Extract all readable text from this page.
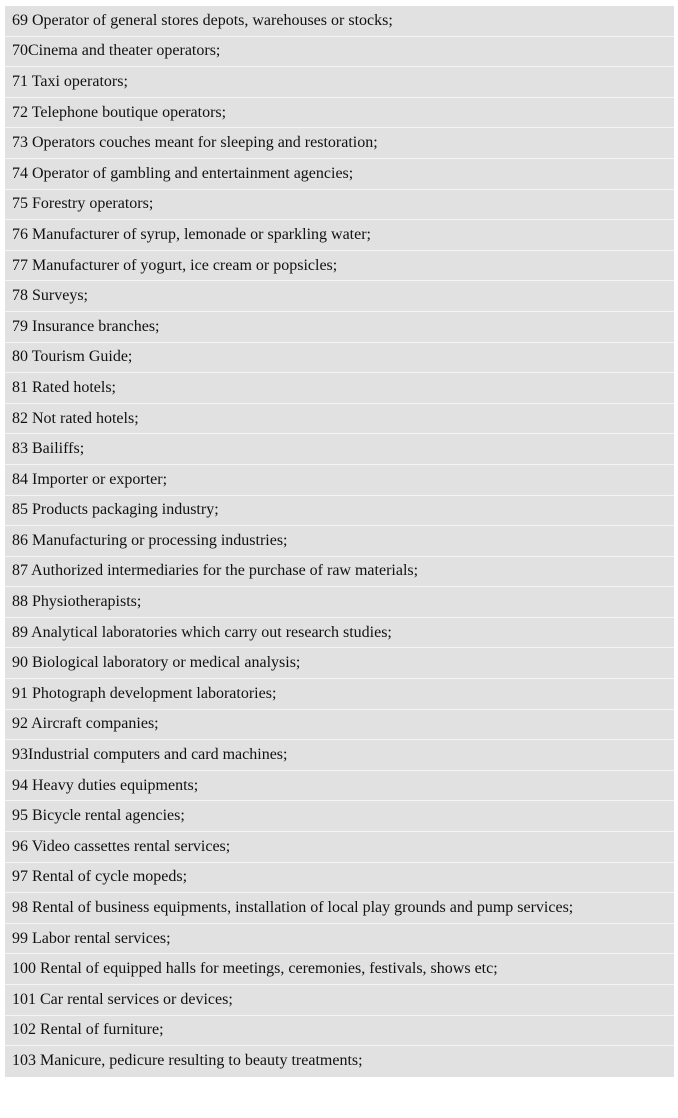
69 Operator of general stores depots, warehouses or stocks;
70Cinema and theater operators;
71 Taxi operators;
72 Telephone boutique operators;
73 Operators couches meant for sleeping and restoration;
74 Operator of gambling and entertainment agencies;
75 Forestry operators;
76 Manufacturer of syrup, lemonade or sparkling water;
77 Manufacturer of yogurt, ice cream or popsicles;
78 Surveys;
79 Insurance branches;
80 Tourism Guide;
81 Rated hotels;
82 Not rated hotels;
83 Bailiffs;
84 Importer or exporter;
85 Products packaging industry;
86 Manufacturing or processing industries;
87 Authorized intermediaries for the purchase of raw materials;
88 Physiotherapists;
89 Analytical laboratories which carry out research studies;
90 Biological laboratory or medical analysis;
91 Photograph development laboratories;
92 Aircraft companies;
93Industrial computers and card machines;
94 Heavy duties equipments;
95 Bicycle rental agencies;
96 Video cassettes rental services;
97 Rental of cycle mopeds;
98 Rental of business equipments, installation of local play grounds and pump services;
99 Labor rental services;
100 Rental of equipped halls for meetings, ceremonies, festivals, shows etc;
101 Car rental services or devices;
102 Rental of furniture;
103 Manicure, pedicure resulting to beauty treatments;
